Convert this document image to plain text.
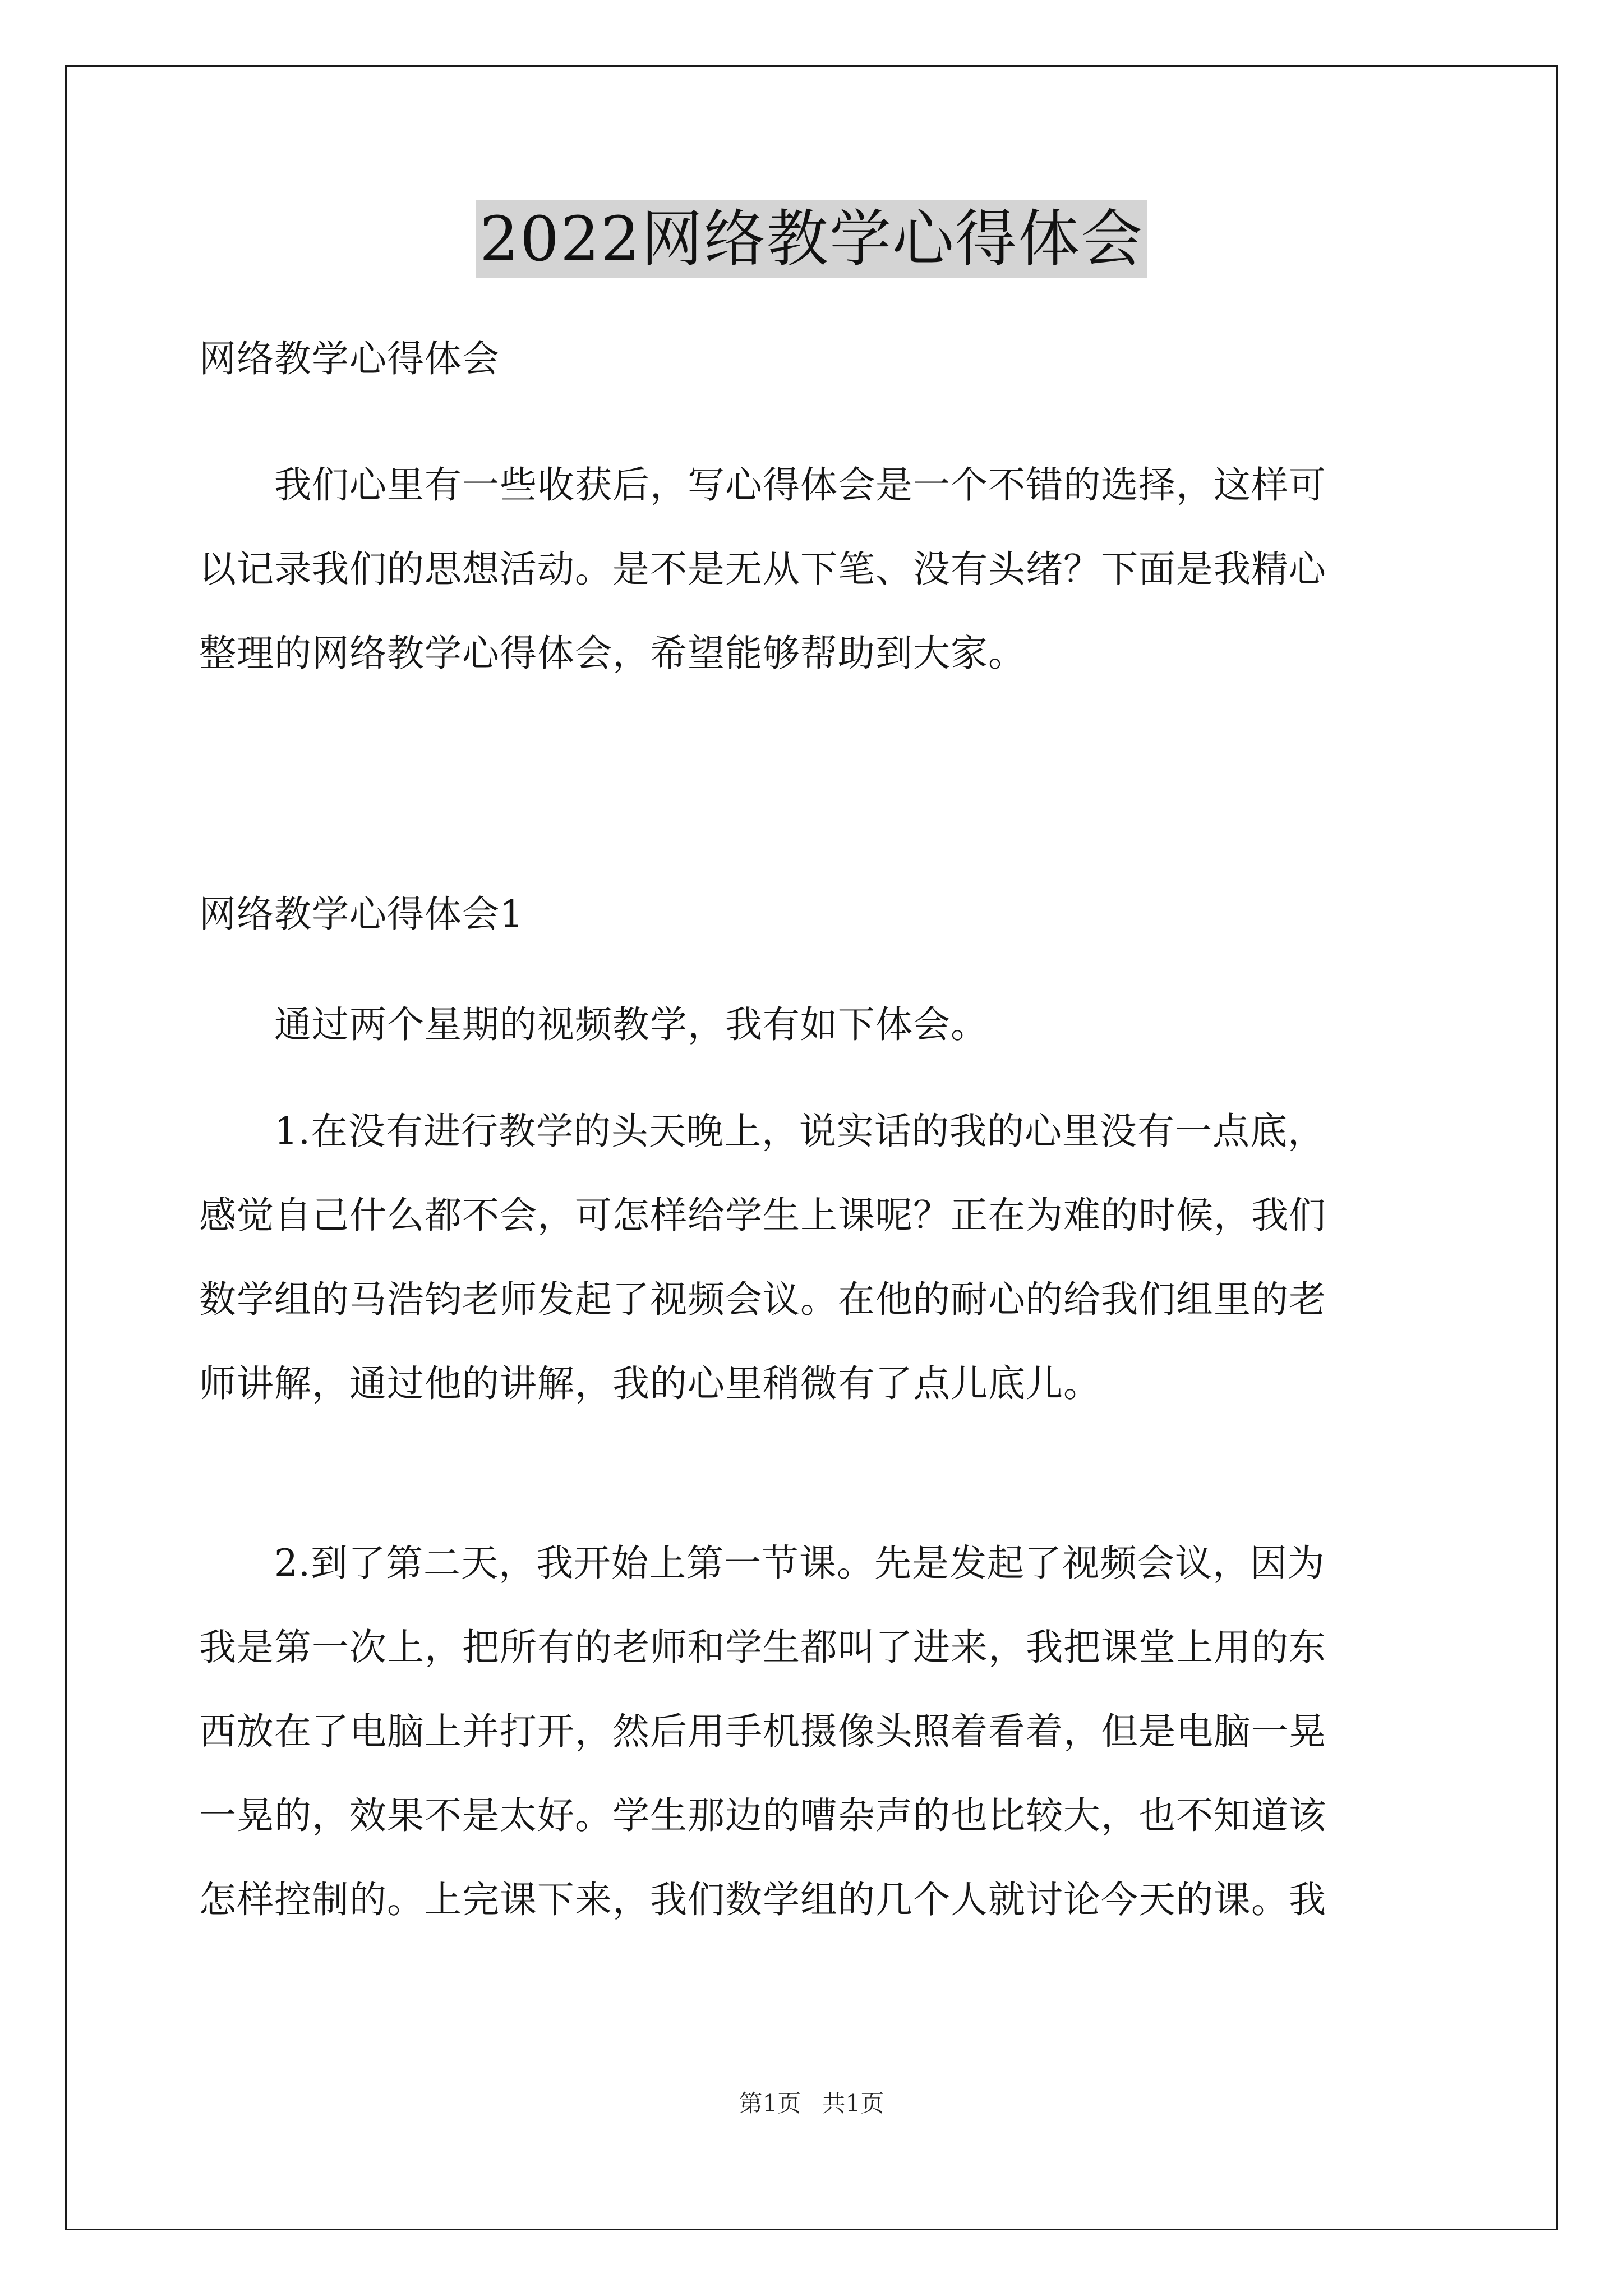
2022网络教学心得体会
网络教学心得体会
　　我们心里有一些收获后，写心得体会是一个不错的选择，这样可
以记录我们的思想活动。是不是无从下笔、没有头绪？下面是我精心
整理的网络教学心得体会，希望能够帮助到大家。
网络教学心得体会1
　　通过两个星期的视频教学，我有如下体会。
　　1.在没有进行教学的头天晚上，说实话的我的心里没有一点底，
感觉自己什么都不会，可怎样给学生上课呢？正在为难的时候，我们
数学组的马浩钧老师发起了视频会议。在他的耐心的给我们组里的老
师讲解，通过他的讲解，我的心里稍微有了点儿底儿。
　　2.到了第二天，我开始上第一节课。先是发起了视频会议，因为
我是第一次上，把所有的老师和学生都叫了进来，我把课堂上用的东
西放在了电脑上并打开，然后用手机摄像头照着看着，但是电脑一晃
一晃的，效果不是太好。学生那边的嘈杂声的也比较大，也不知道该
怎样控制的。上完课下来，我们数学组的几个人就讨论今天的课。我
第1页 共1页
